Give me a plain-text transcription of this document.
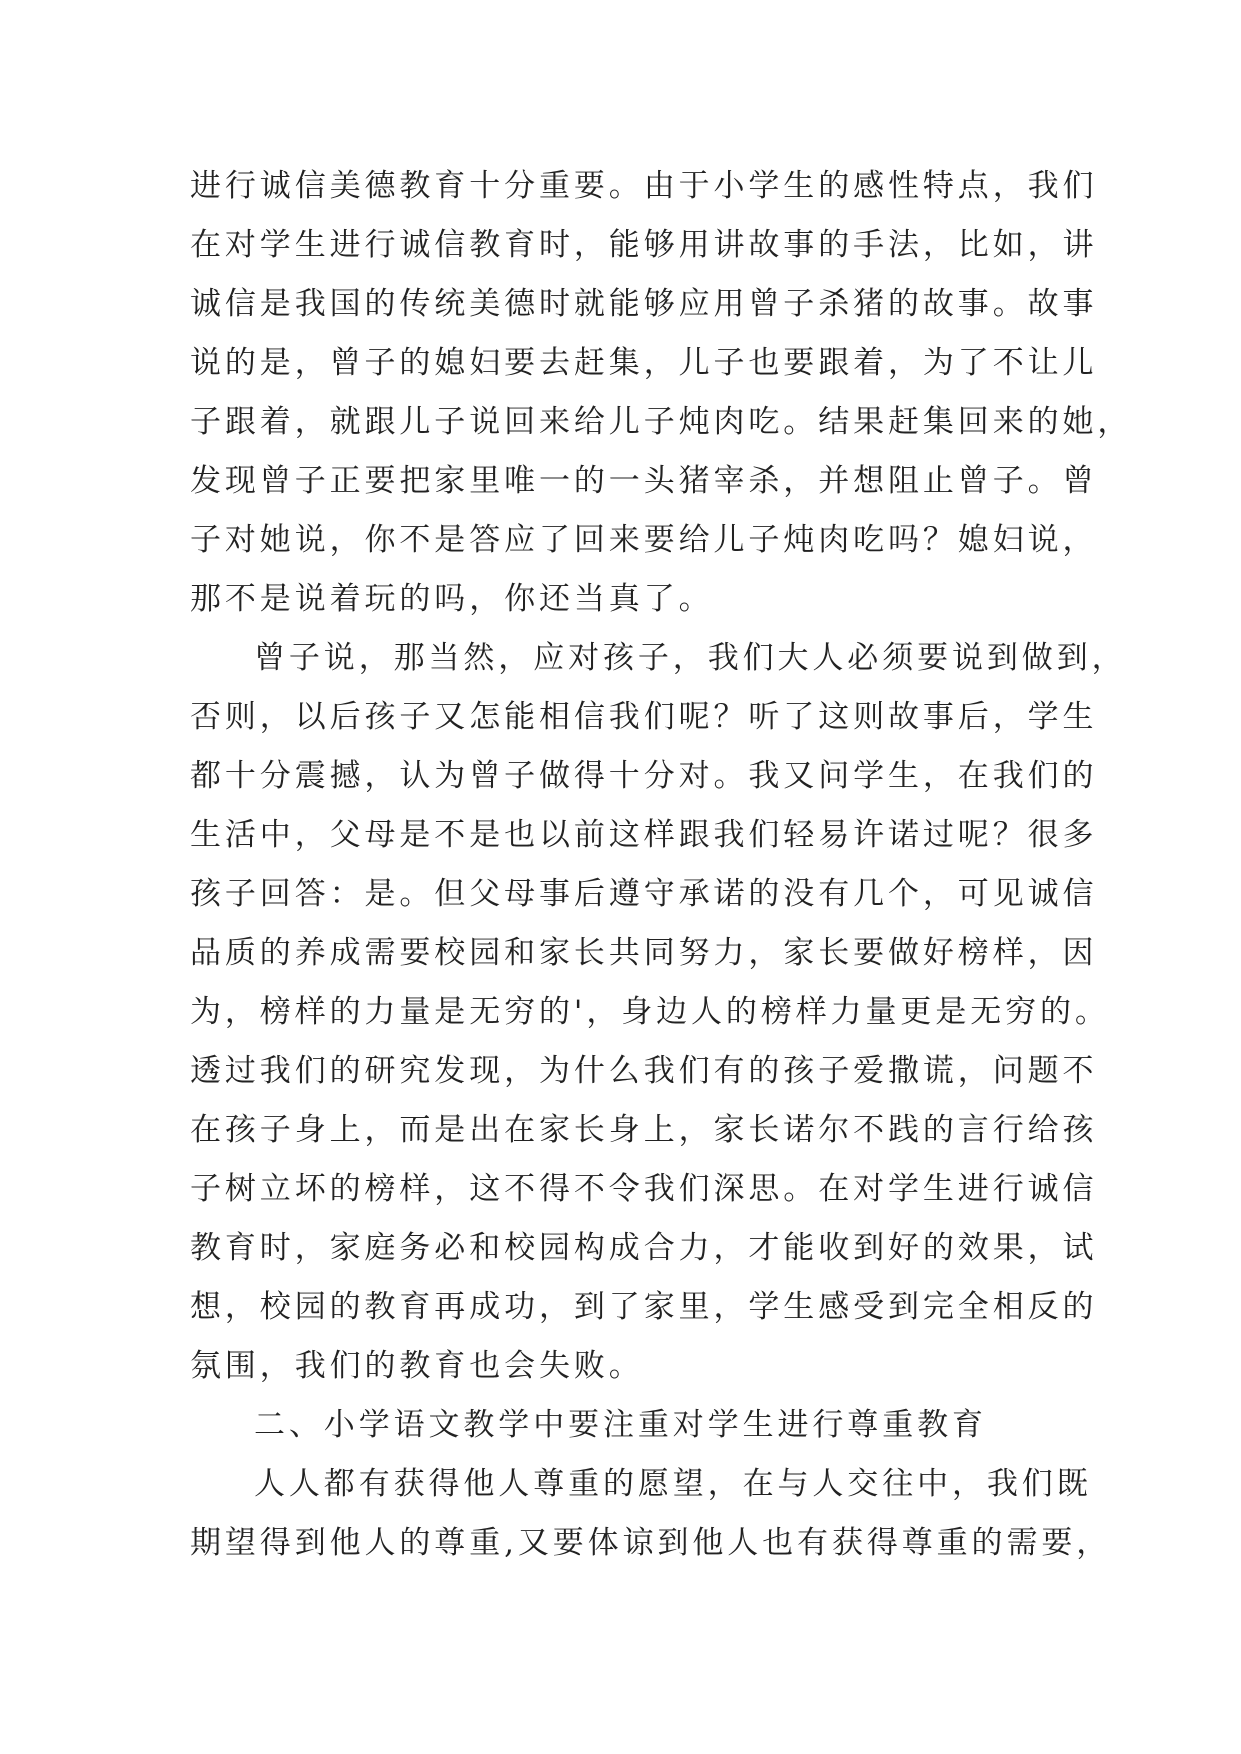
进行诚信美德教育十分重要。由于小学生的感性特点，我们
在对学生进行诚信教育时，能够用讲故事的手法，比如，讲
诚信是我国的传统美德时就能够应用曾子杀猪的故事。故事
说的是，曾子的媳妇要去赶集，儿子也要跟着，为了不让儿
子跟着，就跟儿子说回来给儿子炖肉吃。结果赶集回来的她，
发现曾子正要把家里唯一的一头猪宰杀，并想阻止曾子。曾
子对她说，你不是答应了回来要给儿子炖肉吃吗？媳妇说，
那不是说着玩的吗，你还当真了。
曾子说，那当然，应对孩子，我们大人必须要说到做到，
否则，以后孩子又怎能相信我们呢？听了这则故事后，学生
都十分震撼，认为曾子做得十分对。我又问学生，在我们的
生活中，父母是不是也以前这样跟我们轻易许诺过呢？很多
孩子回答：是。但父母事后遵守承诺的没有几个，可见诚信
品质的养成需要校园和家长共同努力，家长要做好榜样，因
为，榜样的力量是无穷的'，身边人的榜样力量更是无穷的。
透过我们的研究发现，为什么我们有的孩子爱撒谎，问题不
在孩子身上，而是出在家长身上，家长诺尔不践的言行给孩
子树立坏的榜样，这不得不令我们深思。在对学生进行诚信
教育时，家庭务必和校园构成合力，才能收到好的效果，试
想，校园的教育再成功，到了家里，学生感受到完全相反的
氛围，我们的教育也会失败。
二、小学语文教学中要注重对学生进行尊重教育
人人都有获得他人尊重的愿望，在与人交往中，我们既
期望得到他人的尊重,又要体谅到他人也有获得尊重的需要，
